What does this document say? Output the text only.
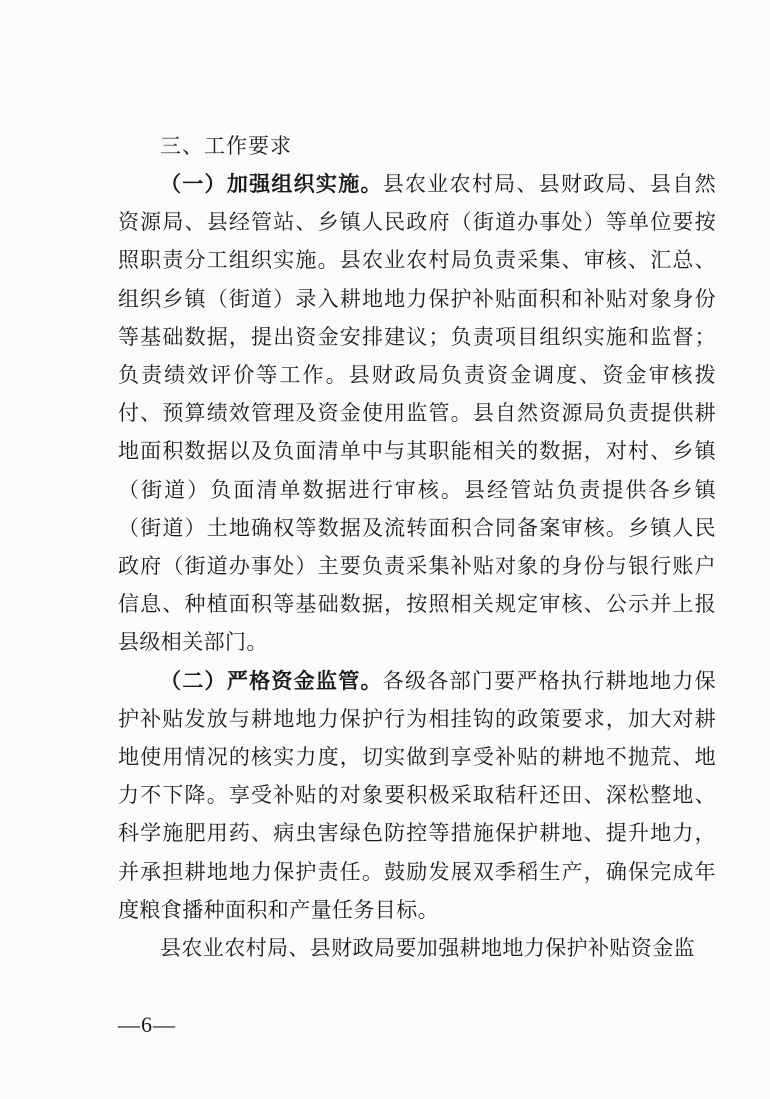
三、工作要求

（一）加强组织实施。县农业农村局、县财政局、县自然资源局、县经管站、乡镇人民政府（街道办事处）等单位要按照职责分工组织实施。县农业农村局负责采集、审核、汇总、组织乡镇（街道）录入耕地地力保护补贴面积和补贴对象身份等基础数据，提出资金安排建议；负责项目组织实施和监督；负责绩效评价等工作。县财政局负责资金调度、资金审核拨付、预算绩效管理及资金使用监管。县自然资源局负责提供耕地面积数据以及负面清单中与其职能相关的数据，对村、乡镇（街道）负面清单数据进行审核。县经管站负责提供各乡镇（街道）土地确权等数据及流转面积合同备案审核。乡镇人民政府（街道办事处）主要负责采集补贴对象的身份与银行账户信息、种植面积等基础数据，按照相关规定审核、公示并上报县级相关部门。

（二）严格资金监管。各级各部门要严格执行耕地地力保护补贴发放与耕地地力保护行为相挂钩的政策要求，加大对耕地使用情况的核实力度，切实做到享受补贴的耕地不抛荒、地力不下降。享受补贴的对象要积极采取秸秆还田、深松整地、科学施肥用药、病虫害绿色防控等措施保护耕地、提升地力，并承担耕地地力保护责任。鼓励发展双季稻生产，确保完成年度粮食播种面积和产量任务目标。

县农业农村局、县财政局要加强耕地地力保护补贴资金监

—6—
